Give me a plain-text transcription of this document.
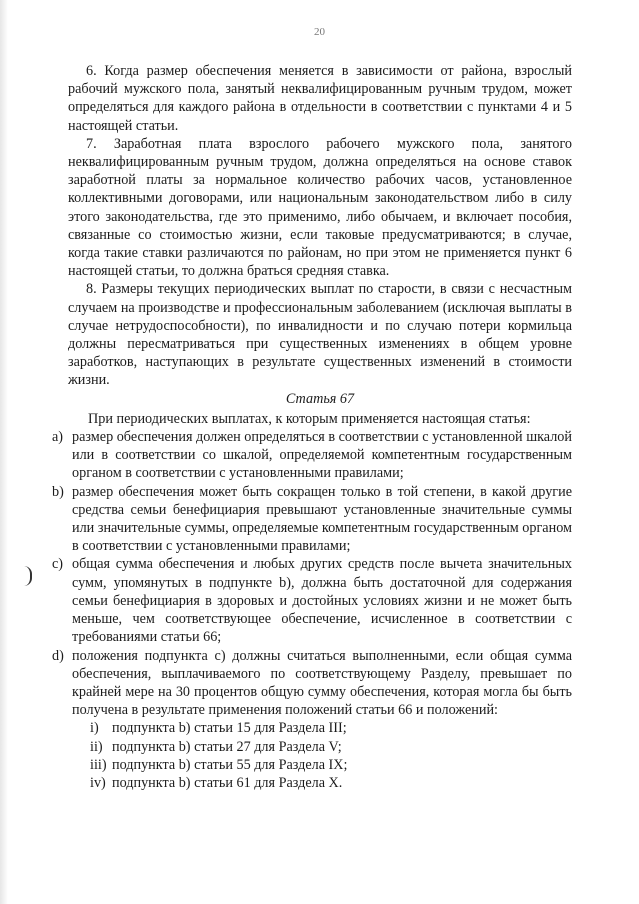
20

6. Когда размер обеспечения меняется в зависимости от района, взрослый рабочий мужского пола, занятый неквалифицированным ручным трудом, может определяться для каждого района в отдельности в соответствии с пунктами 4 и 5 настоящей статьи.

7. Заработная плата взрослого рабочего мужского пола, занятого неквалифицированным ручным трудом, должна определяться на основе ставок заработной платы за нормальное количество рабочих часов, установленное коллективными договорами, или национальным законодательством либо в силу этого законодательства, где это применимо, либо обычаем, и включает пособия, связанные со стоимостью жизни, если таковые предусматриваются; в случае, когда такие ставки различаются по районам, но при этом не применяется пункт 6 настоящей статьи, то должна браться средняя ставка.

8. Размеры текущих периодических выплат по старости, в связи с несчастным случаем на производстве и профессиональным заболеванием (исключая выплаты в случае нетрудоспособности), по инвалидности и по случаю потери кормильца должны пересматриваться при существенных изменениях в общем уровне заработков, наступающих в результате существенных изменений в стоимости жизни.

Статья 67

При периодических выплатах, к которым применяется настоящая статья:

a) размер обеспечения должен определяться в соответствии с установленной шкалой или в соответствии со шкалой, определяемой компетентным государственным органом в соответствии с установленными правилами;
b) размер обеспечения может быть сокращен только в той степени, в какой другие средства семьи бенефициария превышают установленные значительные суммы или значительные суммы, определяемые компетентным государственным органом в соответствии с установленными правилами;
c) общая сумма обеспечения и любых других средств после вычета значительных сумм, упомянутых в подпункте b), должна быть достаточной для содержания семьи бенефициария в здоровых и достойных условиях жизни и не может быть меньше, чем соответствующее обеспечение, исчисленное в соответствии с требованиями статьи 66;
d) положения подпункта с) должны считаться выполненными, если общая сумма обеспечения, выплачиваемого по соответствующему Разделу, превышает по крайней мере на 30 процентов общую сумму обеспечения, которая могла бы быть получена в результате применения положений статьи 66 и положений:
i) подпункта b) статьи 15 для Раздела III;
ii) подпункта b) статьи 27 для Раздела V;
iii) подпункта b) статьи 55 для Раздела IX;
iv) подпункта b) статьи 61 для Раздела X.
